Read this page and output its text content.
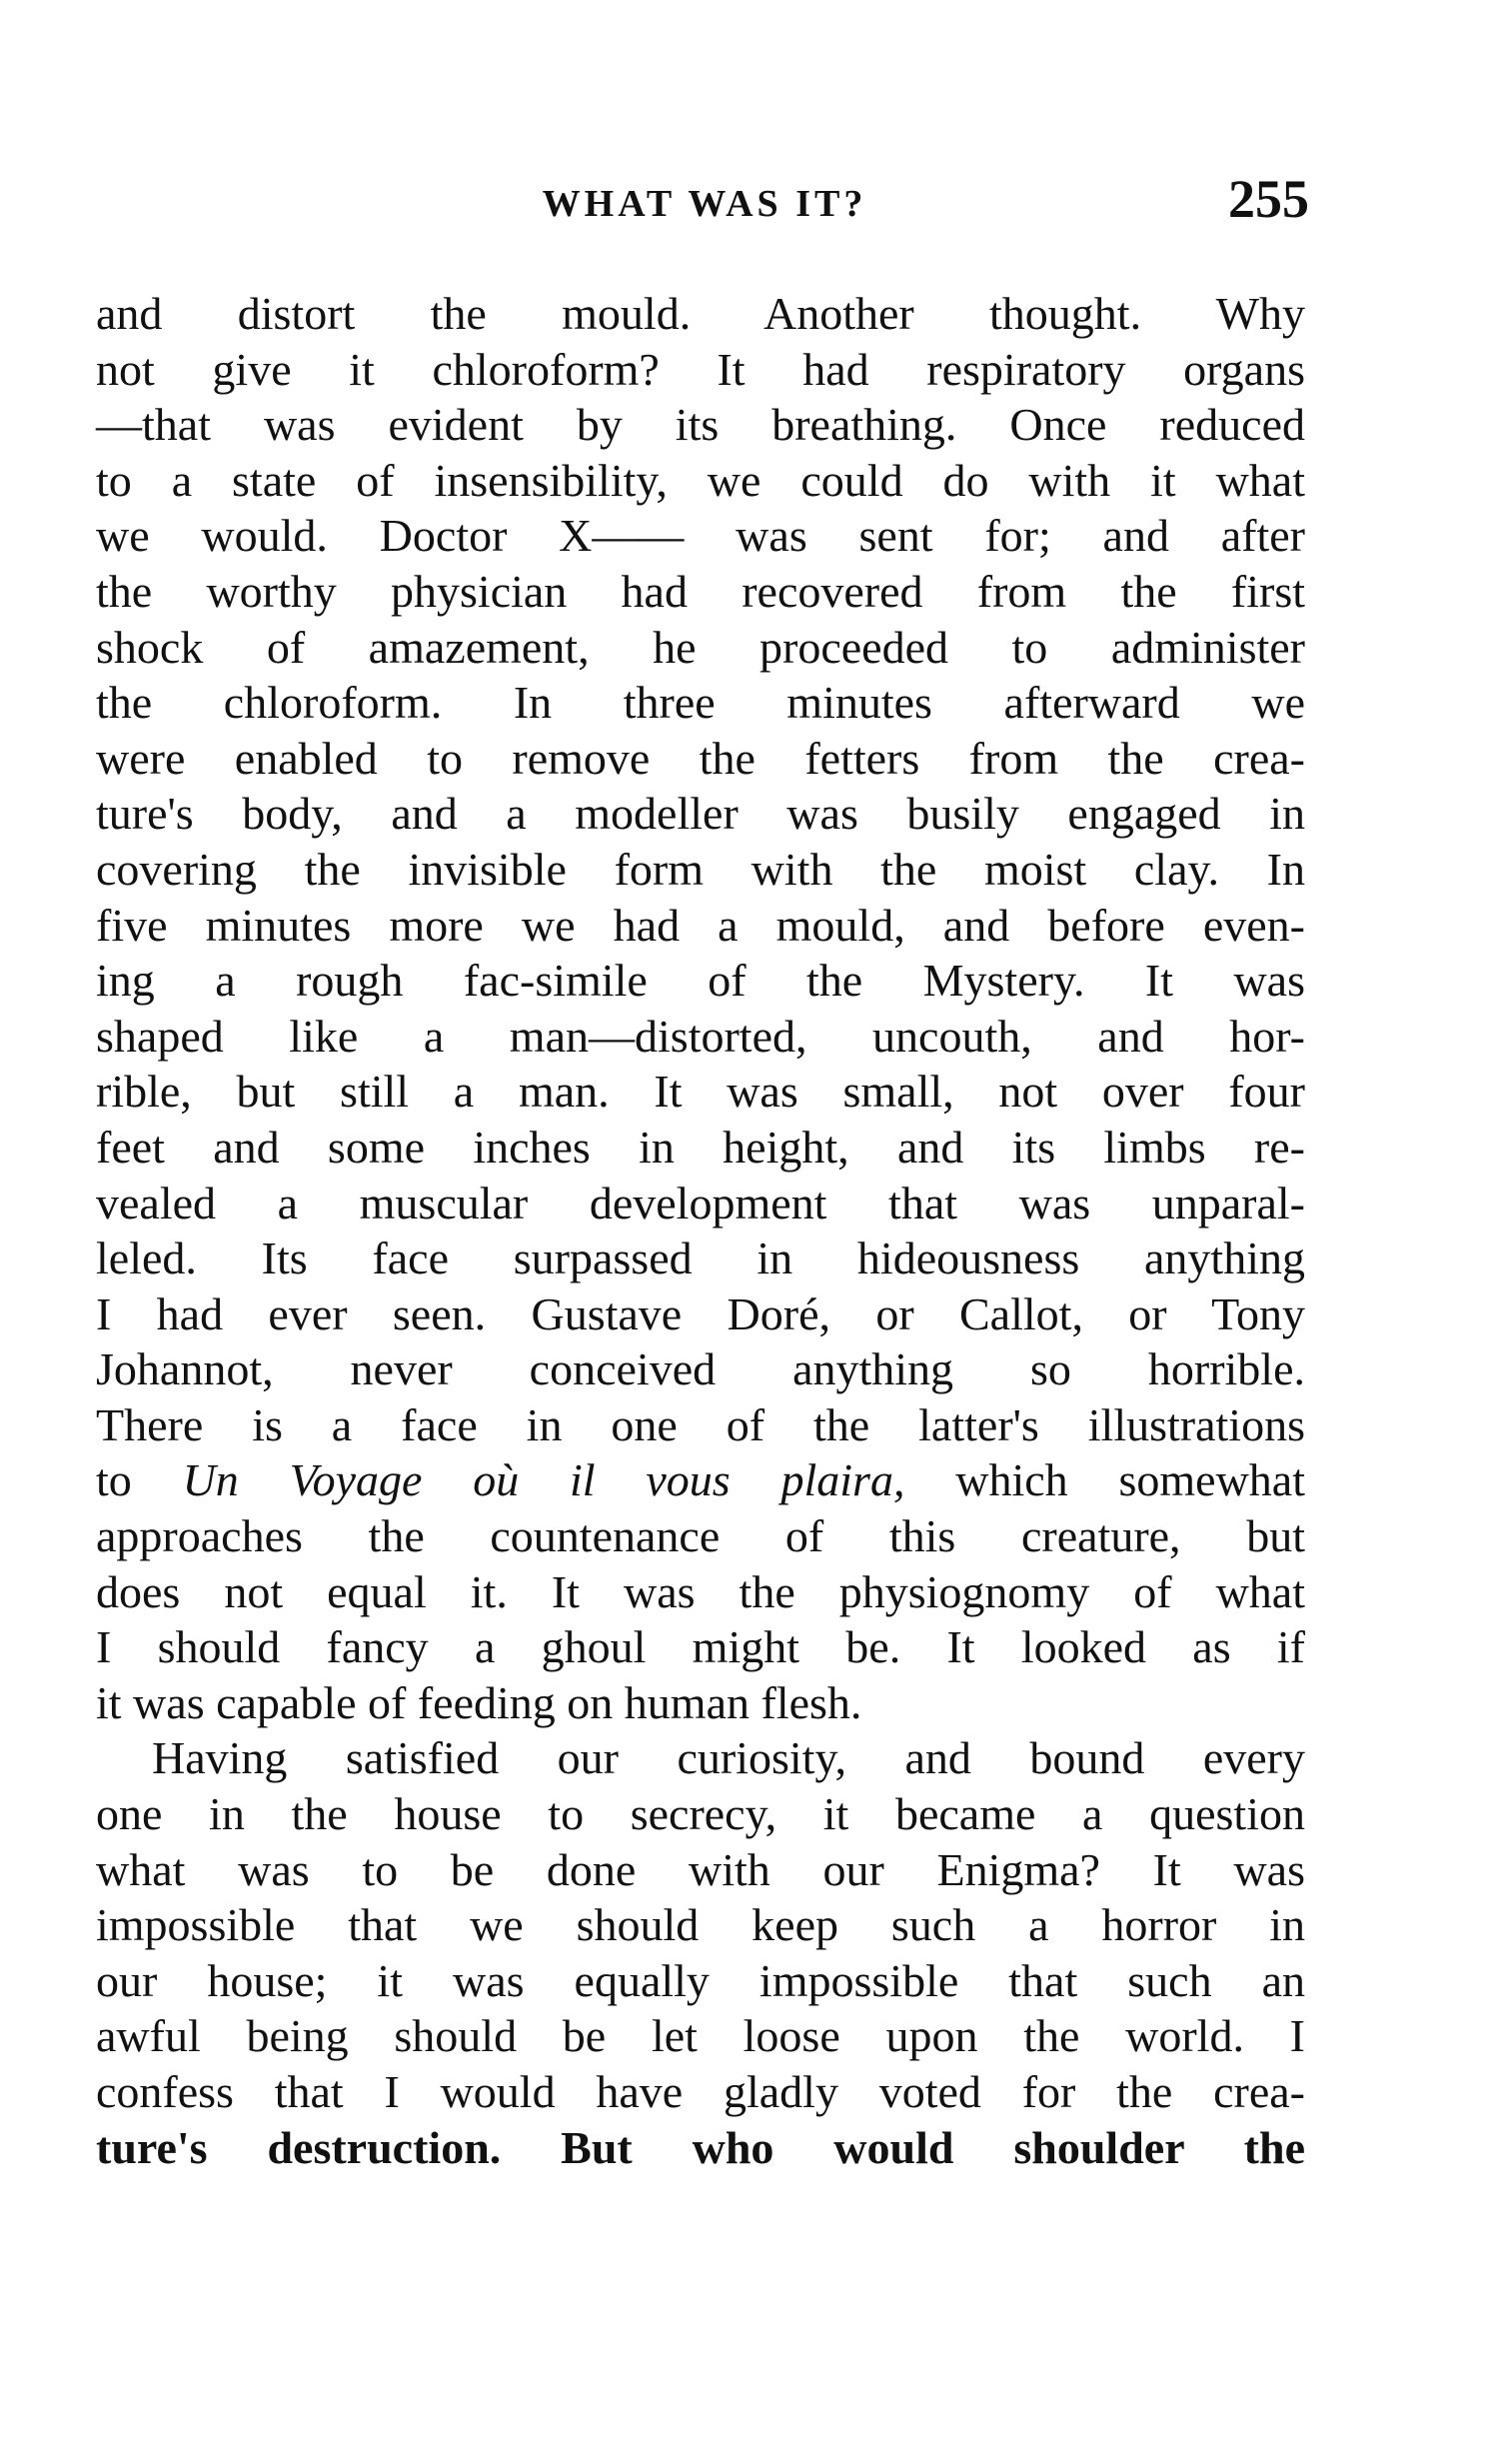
WHAT WAS IT?	255
and distort the mould. Another thought. Why
not give it chloroform? It had respiratory organs
—that was evident by its breathing. Once reduced
to a state of insensibility, we could do with it what
we would. Doctor X—— was sent for; and after
the worthy physician had recovered from the first
shock of amazement, he proceeded to administer
the chloroform. In three minutes afterward we
were enabled to remove the fetters from the crea-
ture's body, and a modeller was busily engaged in
covering the invisible form with the moist clay. In
five minutes more we had a mould, and before even-
ing a rough fac-simile of the Mystery. It was
shaped like a man—distorted, uncouth, and hor-
rible, but still a man. It was small, not over four
feet and some inches in height, and its limbs re-
vealed a muscular development that was unparal-
leled. Its face surpassed in hideousness anything
I had ever seen. Gustave Doré, or Callot, or Tony
Johannot, never conceived anything so horrible.
There is a face in one of the latter's illustrations
to Un Voyage où il vous plaira, which somewhat
approaches the countenance of this creature, but
does not equal it. It was the physiognomy of what
I should fancy a ghoul might be. It looked as if
it was capable of feeding on human flesh.
Having satisfied our curiosity, and bound every
one in the house to secrecy, it became a question
what was to be done with our Enigma? It was
impossible that we should keep such a horror in
our house; it was equally impossible that such an
awful being should be let loose upon the world. I
confess that I would have gladly voted for the crea-
ture's destruction. But who would shoulder the
